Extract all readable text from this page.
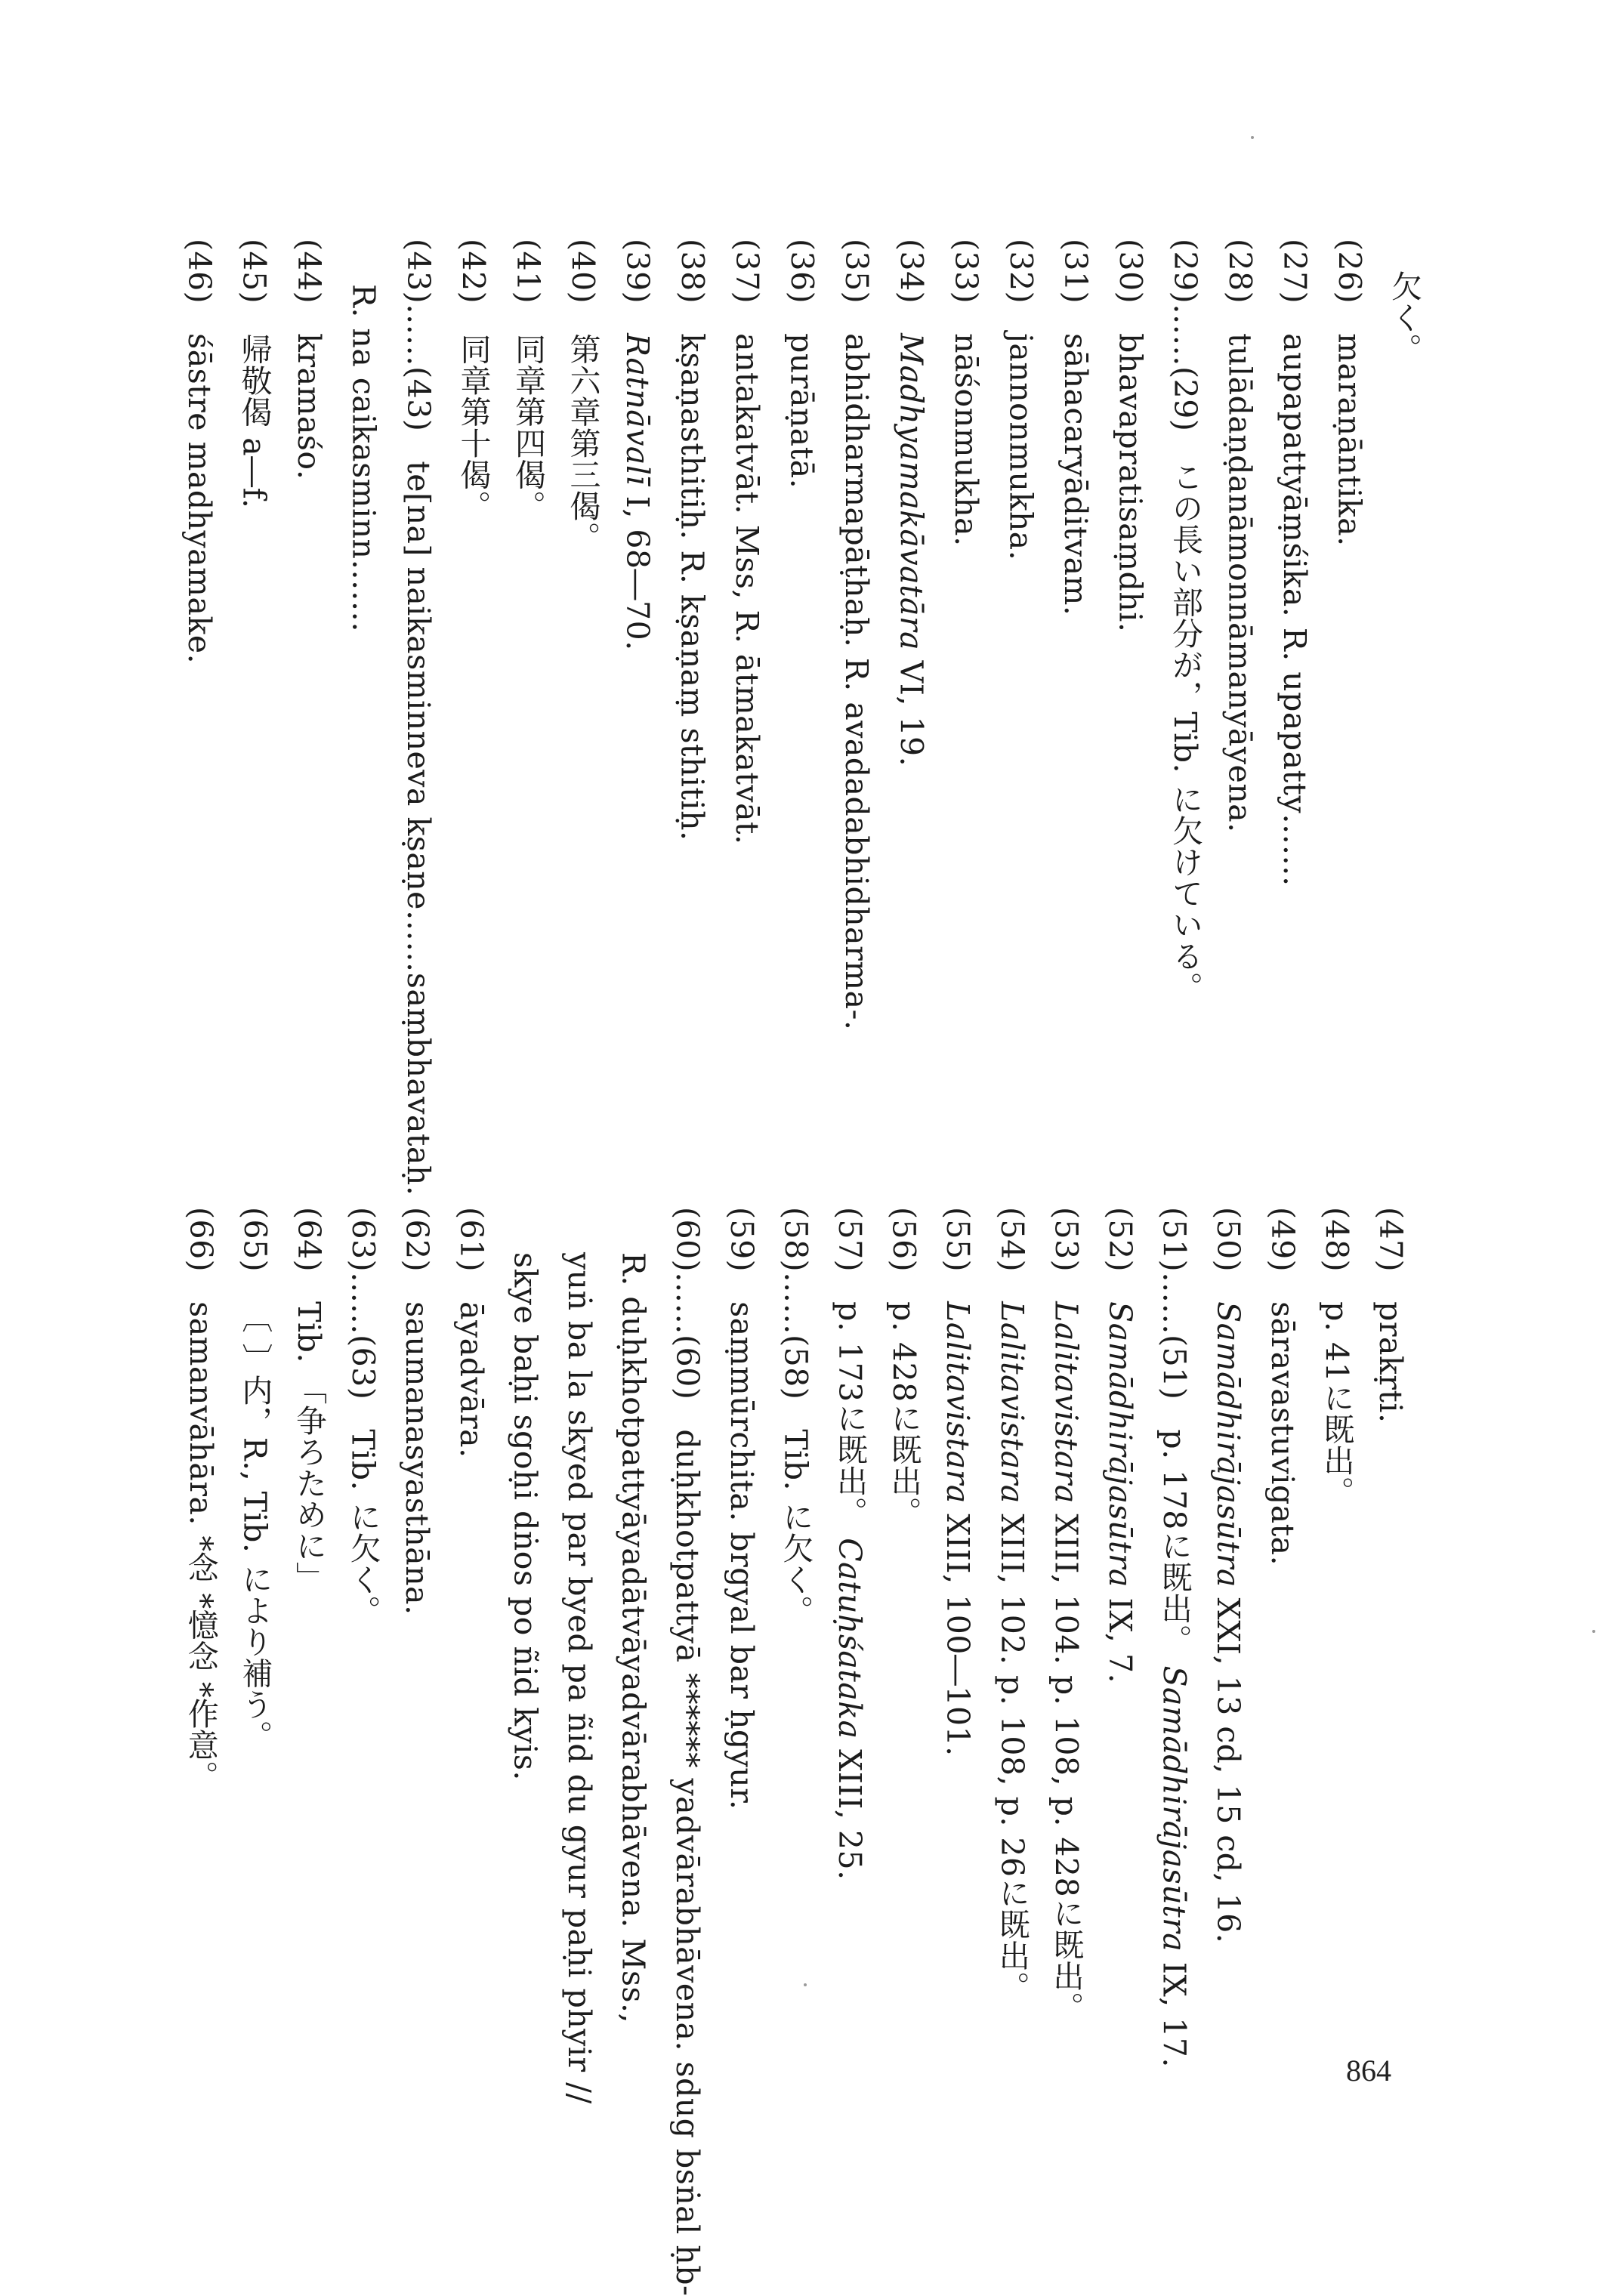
欠く。
(26) maraṇāntika.
(27) aupapattyāṃśika. R. upapatty…….
(28) tulādaṇḍanāmonnāmanyāyena.
(29)……(29) この長い部分が，Tib. に欠けている。
(30) bhavapratisaṃdhi.
(31) sāhacaryāditvam.
(32) jannonmukha.
(33) nāśonmukha.
(34) Madhyamakāvatāra VI, 19.
(35) abhidharmapāṭhaḥ. R. avadadabhidharma-.
(36) purāṇatā.
(37) antakatvāt. Mss, R. ātmakatvāt.
(38) kṣaṇasthitiḥ. R. kṣaṇaṃ sthitiḥ.
(39) Ratnāvalī I, 68―70.
(40) 第六章第三偈。
(41) 同章第四偈。
(42) 同章第十偈。
(43)……(43) te[na] naikasminneva kṣaṇe……saṃbhavataḥ.
R. na caikasminn…….
(44) kramaśo.
(45) 帰敬偈 a―f.
(46) śāstre madhyamake.
(47) prakṛti.
(48) p. 41に既出。
(49) sāravastuvigata.
(50) Samādhirājasūtra XXI, 13 cd, 15 cd, 16.
(51)……(51) p. 178に既出。 Samādhirājasūtra IX, 17.
(52) Samādhirājasūtra IX, 7.
(53) Lalitavistara XIII, 104. p. 108, p. 428に既出。
(54) Lalitavistara XIII, 102. p. 108, p. 26に既出。
(55) Lalitavistara XIII, 100―101.
(56) p. 428に既出。
(57) p. 173に既出。 Catuḥśataka XIII, 25.
(58)……(58) Tib. に欠く。
(59) saṃmūrchita. brgyal bar ḥgyur.
(60)……(60) duḥkhotpattyā ****** yadvārabhāvena. sdug bsṅal ḥb-
R. duḥkhotpattyāyadātvāyadvārabhāvena. Mss.,
yuṅ ba la skyed par byed pa ñid du gyur paḥi phyir //
skye baḥi sgoḥi dṅos po ñid kyis.
(61) āyadvāra.
(62) saumanasyasthāna.
(63)……(63) Tib. に欠く。
(64) Tib. 「争ろために」
(65) 〔 〕内，R., Tib. により補う。
(66) samanvāhāra. *念 *憶念 *作意。
864
